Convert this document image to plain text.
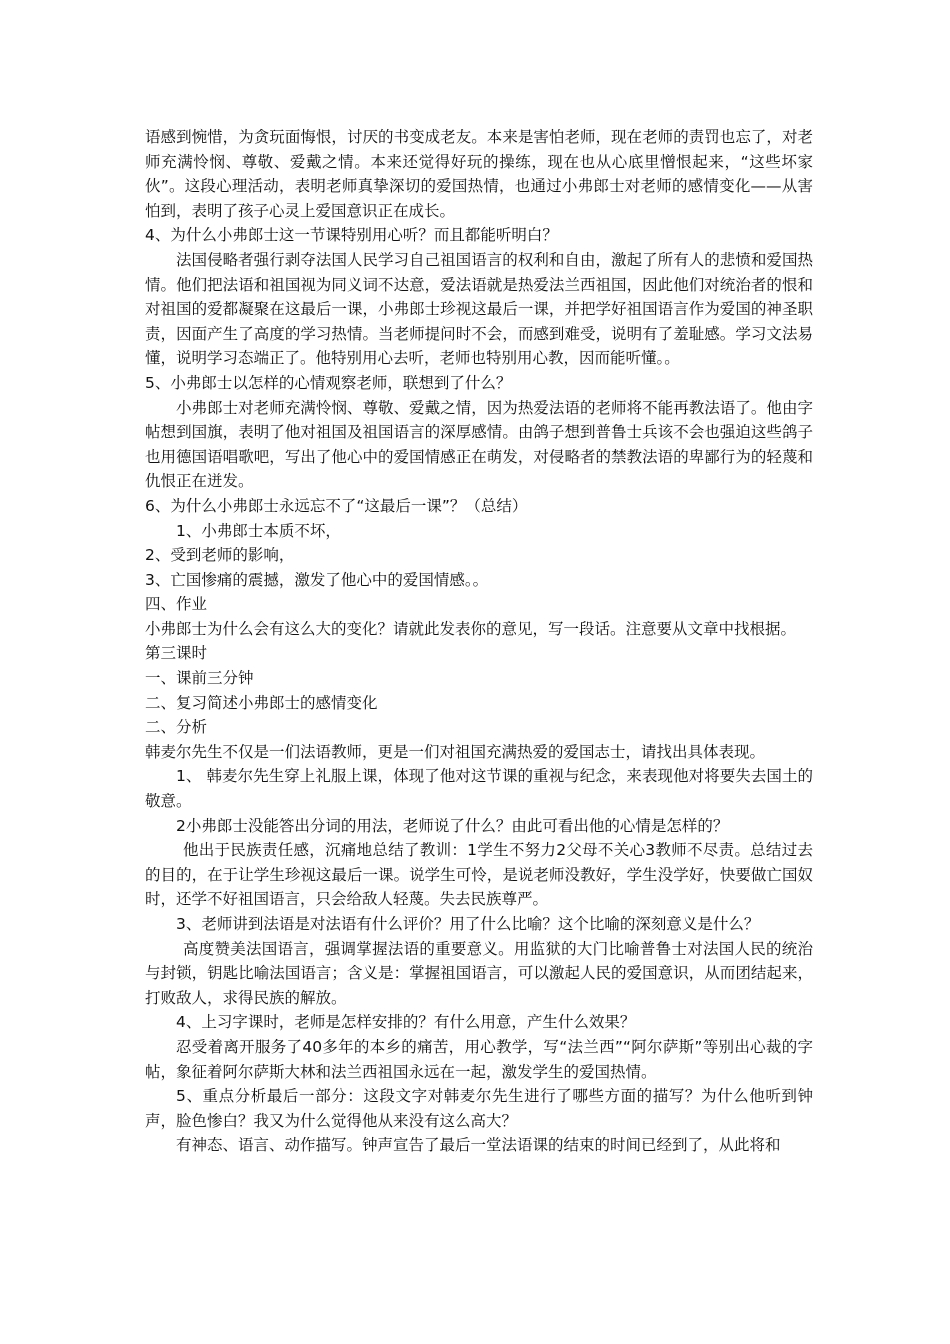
语感到惋惜，为贪玩面悔恨，讨厌的书变成老友。本来是害怕老师，现在老师的责罚也忘了，对老师充满怜悯、尊敬、爱戴之情。本来还觉得好玩的操练，现在也从心底里憎恨起来，“这些坏家伙”。这段心理活动，表明老师真挚深切的爱国热情，也通过小弗郎士对老师的感情变化——从害怕到，表明了孩子心灵上爱国意识正在成长。

4、为什么小弗郎士这一节课特别用心听？而且都能听明白？

法国侵略者强行剥夺法国人民学习自己祖国语言的权利和自由，激起了所有人的悲愤和爱国热情。他们把法语和祖国视为同义词不达意，爱法语就是热爱法兰西祖国，因此他们对统治者的恨和对祖国的爱都凝聚在这最后一课，小弗郎士珍视这最后一课，并把学好祖国语言作为爱国的神圣职责，因面产生了高度的学习热情。当老师提问时不会，而感到难受，说明有了羞耻感。学习文法易懂，说明学习态端正了。他特别用心去听，老师也特别用心教，因而能听懂。。

5、小弗郎士以怎样的心情观察老师，联想到了什么？

小弗郎士对老师充满怜悯、尊敬、爱戴之情，因为热爱法语的老师将不能再教法语了。他由字帖想到国旗，表明了他对祖国及祖国语言的深厚感情。由鸽子想到普鲁士兵该不会也强迫这些鸽子也用德国语唱歌吧，写出了他心中的爱国情感正在萌发，对侵略者的禁教法语的卑鄙行为的轻蔑和仇恨正在迸发。

6、为什么小弗郎士永远忘不了“这最后一课”？（总结）

1、小弗郎士本质不坏，

2、受到老师的影响，

3、亡国惨痛的震撼，激发了他心中的爱国情感。。

四、作业

小弗郎士为什么会有这么大的变化？请就此发表你的意见，写一段话。注意要从文章中找根据。

第三课时

一、课前三分钟

二、复习简述小弗郎士的感情变化

二、分析

韩麦尔先生不仅是一们法语教师，更是一们对祖国充满热爱的爱国志士，请找出具体表现。

1、 韩麦尔先生穿上礼服上课，体现了他对这节课的重视与纪念，来表现他对将要失去国土的敬意。

2小弗郎士没能答出分词的用法，老师说了什么？由此可看出他的心情是怎样的？

他出于民族责任感，沉痛地总结了教训：1学生不努力2父母不关心3教师不尽责。总结过去的目的，在于让学生珍视这最后一课。说学生可怜，是说老师没教好，学生没学好，快要做亡国奴时，还学不好祖国语言，只会给敌人轻蔑。失去民族尊严。

3、老师讲到法语是对法语有什么评价？用了什么比喻？这个比喻的深刻意义是什么？

高度赞美法国语言，强调掌握法语的重要意义。用监狱的大门比喻普鲁士对法国人民的统治与封锁，钥匙比喻法国语言；含义是：掌握祖国语言，可以激起人民的爱国意识，从而团结起来，打败敌人，求得民族的解放。

4、上习字课时，老师是怎样安排的？有什么用意，产生什么效果？

忍受着离开服务了40多年的本乡的痛苦，用心教学，写“法兰西”“阿尔萨斯”等别出心裁的字帖，象征着阿尔萨斯大林和法兰西祖国永远在一起，激发学生的爱国热情。

5、重点分析最后一部分：这段文字对韩麦尔先生进行了哪些方面的描写？为什么他听到钟声，脸色惨白？我又为什么觉得他从来没有这么高大？

有神态、语言、动作描写。钟声宣告了最后一堂法语课的结束的时间已经到了，从此将和
